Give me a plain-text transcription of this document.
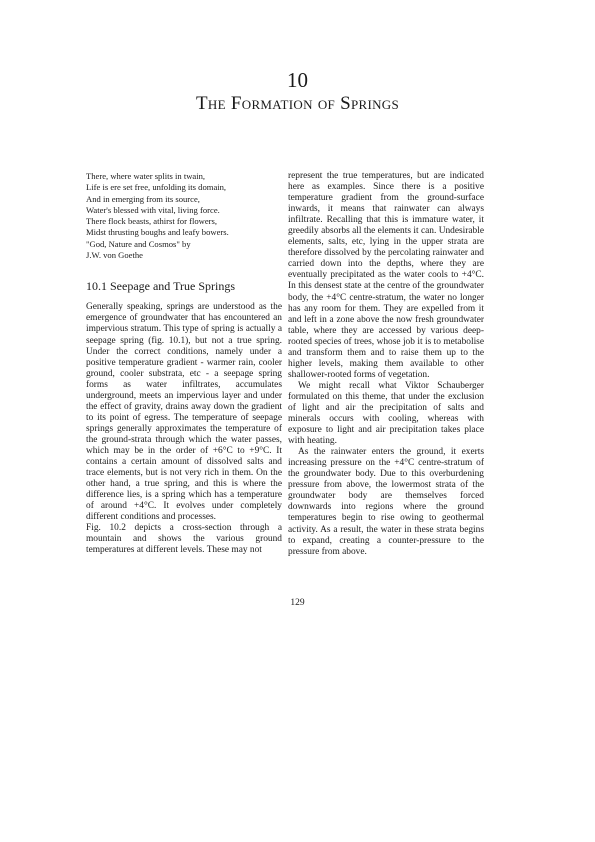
10
The Formation of Springs
There, where water splits in twain,
Life is ere set free, unfolding its domain,
And in emerging from its source,
Water's blessed with vital, living force.
There flock beasts, athirst for flowers,
Midst thrusting boughs and leafy bowers.
"God, Nature and Cosmos" by
J.W. von Goethe
10.1 Seepage and True Springs

Generally speaking, springs are understood as the emergence of groundwater that has encountered an impervious stratum. This type of spring is actually a seepage spring (fig. 10.1), but not a true spring. Under the correct conditions, namely under a positive temperature gradient - warmer rain, cooler ground, cooler substrata, etc - a seepage spring forms as water infiltrates, accumulates underground, meets an impervious layer and under the effect of gravity, drains away down the gradient to its point of egress. The temperature of seepage springs generally approximates the temperature of the ground-strata through which the water passes, which may be in the order of +6°C to +9°C. It contains a certain amount of dissolved salts and trace elements, but is not very rich in them. On the other hand, a true spring, and this is where the difference lies, is a spring which has a temperature of around +4°C. It evolves under completely different conditions and processes.

Fig. 10.2 depicts a cross-section through a mountain and shows the various ground temperatures at different levels. These may not

represent the true temperatures, but are indicated here as examples. Since there is a positive temperature gradient from the ground-surface inwards, it means that rainwater can always infiltrate. Recalling that this is immature water, it greedily absorbs all the elements it can. Undesirable elements, salts, etc, lying in the upper strata are therefore dissolved by the percolating rainwater and carried down into the depths, where they are eventually precipitated as the water cools to +4°C. In this densest state at the centre of the groundwater body, the +4°C centre-stratum, the water no longer has any room for them. They are expelled from it and left in a zone above the now fresh groundwater table, where they are accessed by various deep-rooted species of trees, whose job it is to metabolise and transform them and to raise them up to the higher levels, making them available to other shallower-rooted forms of vegetation.

We might recall what Viktor Schauberger formulated on this theme, that under the exclusion of light and air the precipitation of salts and minerals occurs with cooling, whereas with exposure to light and air precipitation takes place with heating.

As the rainwater enters the ground, it exerts increasing pressure on the +4°C centre-stratum of the groundwater body. Due to this overburdening pressure from above, the lowermost strata of the groundwater body are themselves forced downwards into regions where the ground temperatures begin to rise owing to geothermal activity. As a result, the water in these strata begins to expand, creating a counter-pressure to the pressure from above.

129
